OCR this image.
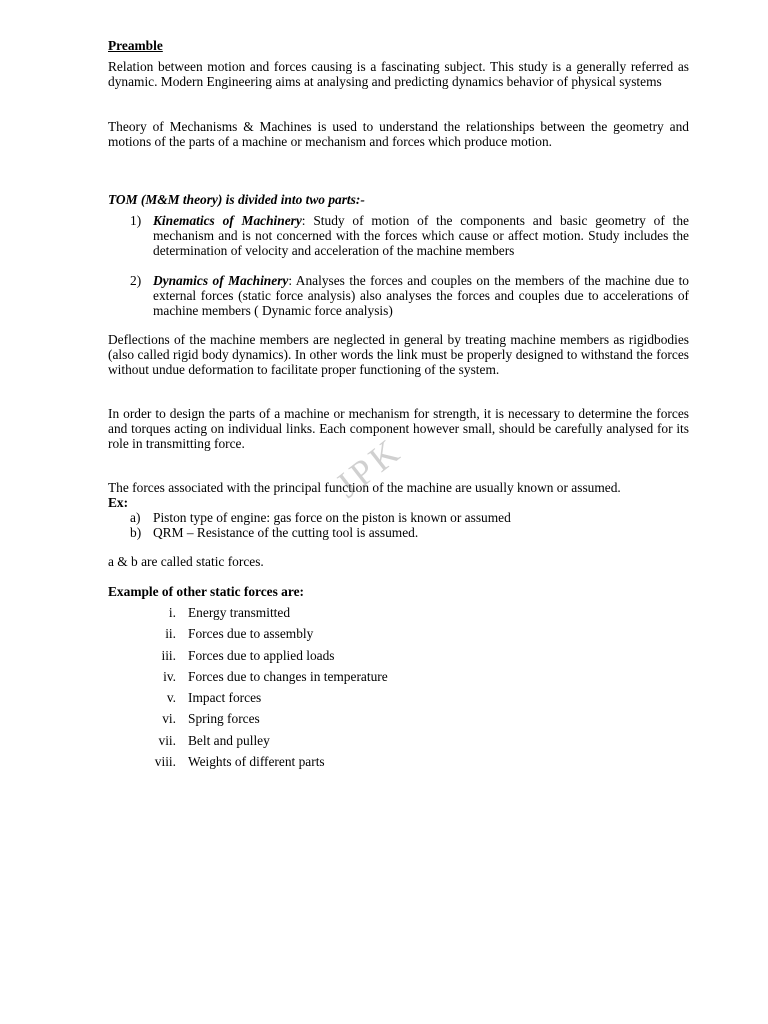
Preamble

Relation between motion and forces causing is a fascinating subject. This study is a generally referred as dynamic. Modern Engineering aims at analysing and predicting dynamics behavior of physical systems

Theory of Mechanisms & Machines is used to understand the relationships between the geometry and motions of the parts of a machine or mechanism and forces which produce motion.

TOM (M&M theory) is divided into two parts:-

1) Kinematics of Machinery: Study of motion of the components and basic geometry of the mechanism and is not concerned with the forces which cause or affect motion. Study includes the determination of velocity and acceleration of the machine members

2) Dynamics of Machinery: Analyses the forces and couples on the members of the machine due to external forces (static force analysis) also analyses the forces and couples due to accelerations of machine members ( Dynamic force analysis)

Deflections of the machine members are neglected in general by treating machine members as rigidbodies (also called rigid body dynamics). In other words the link must be properly designed to withstand the forces without undue deformation to facilitate proper functioning of the system.

In order to design the parts of a machine or mechanism for strength, it is necessary to determine the forces and torques acting on individual links. Each component however small, should be carefully analysed for its role in transmitting force.

The forces associated with the principal function of the machine are usually known or assumed.

Ex:

a) Piston type of engine: gas force on the piston is known or assumed
b) QRM – Resistance of the cutting tool is assumed.

a & b are called static forces.

Example of other static forces are:

i. Energy transmitted
ii. Forces due to assembly
iii. Forces due to applied loads
iv. Forces due to changes in temperature
v. Impact forces
vi. Spring forces
vii. Belt and pulley
viii. Weights of different parts
JPK
